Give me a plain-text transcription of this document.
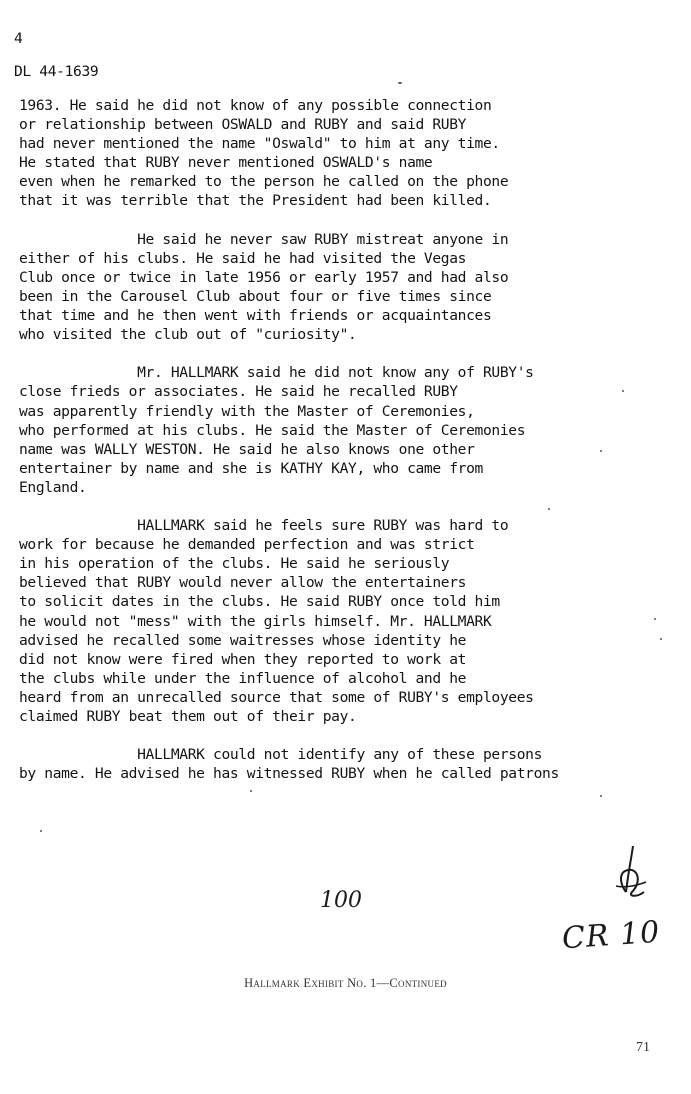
4
DL 44-1639

1963. He said he did not know of any possible connection
or relationship between OSWALD and RUBY and said RUBY
had never mentioned the name "Oswald" to him at any time.
He stated that RUBY never mentioned OSWALD's name
even when he remarked to the person he called on the phone
that it was terrible that the President had been killed.

He said he never saw RUBY mistreat anyone in
either of his clubs. He said he had visited the Vegas
Club once or twice in late 1956 or early 1957 and had also
been in the Carousel Club about four or five times since
that time and he then went with friends or acquaintances
who visited the club out of "curiosity".

Mr. HALLMARK said he did not know any of RUBY's
close frieds or associates. He said he recalled RUBY
was apparently friendly with the Master of Ceremonies,
who performed at his clubs. He said the Master of Ceremonies
name was WALLY WESTON. He said he also knows one other
entertainer by name and she is KATHY KAY, who came from
England.

HALLMARK said he feels sure RUBY was hard to
work for because he demanded perfection and was strict
in his operation of the clubs. He said he seriously
believed that RUBY would never allow the entertainers
to solicit dates in the clubs. He said RUBY once told him
he would not "mess" with the girls himself. Mr. HALLMARK
advised he recalled some waitresses whose identity he
did not know were fired when they reported to work at
the clubs while under the influence of alcohol and he
heard from an unrecalled source that some of RUBY's employees
claimed RUBY beat them out of their pay.

HALLMARK could not identify any of these persons
by name. He advised he has witnessed RUBY when he called patrons

100
CR 10
Hallmark Exhibit No. 1—Continued
71
